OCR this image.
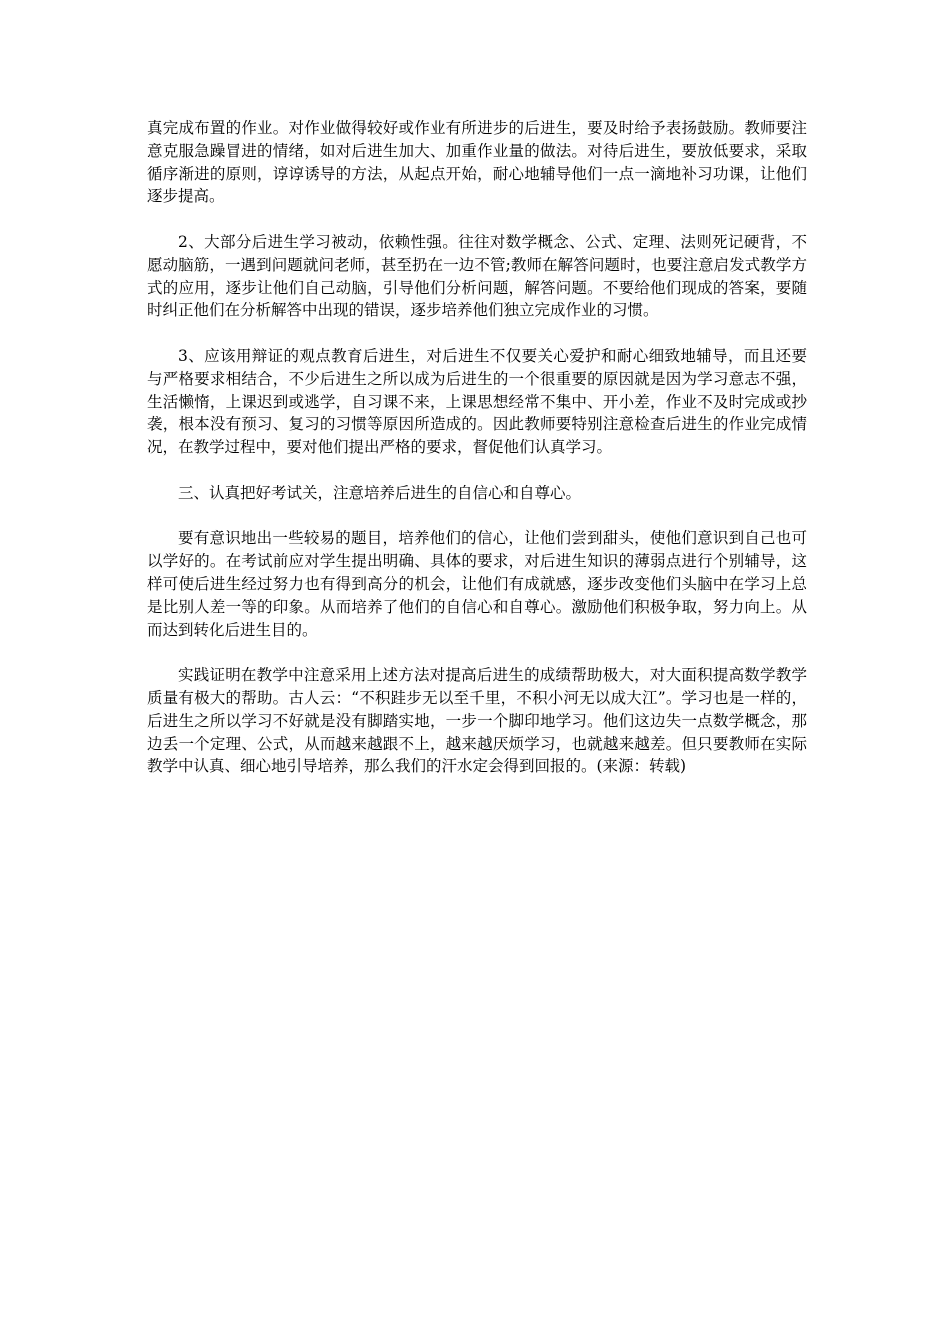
真完成布置的作业。对作业做得较好或作业有所进步的后进生，要及时给予表扬鼓励。教师要注意克服急躁冒进的情绪，如对后进生加大、加重作业量的做法。对待后进生，要放低要求，采取循序渐进的原则，谆谆诱导的方法，从起点开始，耐心地辅导他们一点一滴地补习功课，让他们逐步提高。

2、大部分后进生学习被动，依赖性强。往往对数学概念、公式、定理、法则死记硬背，不愿动脑筋，一遇到问题就问老师，甚至扔在一边不管;教师在解答问题时，也要注意启发式教学方式的应用，逐步让他们自己动脑，引导他们分析问题，解答问题。不要给他们现成的答案，要随时纠正他们在分析解答中出现的错误，逐步培养他们独立完成作业的习惯。

3、应该用辩证的观点教育后进生，对后进生不仅要关心爱护和耐心细致地辅导，而且还要与严格要求相结合，不少后进生之所以成为后进生的一个很重要的原因就是因为学习意志不强，生活懒惰，上课迟到或逃学，自习课不来，上课思想经常不集中、开小差，作业不及时完成或抄袭，根本没有预习、复习的习惯等原因所造成的。因此教师要特别注意检查后进生的作业完成情况，在教学过程中，要对他们提出严格的要求，督促他们认真学习。

三、认真把好考试关，注意培养后进生的自信心和自尊心。

要有意识地出一些较易的题目，培养他们的信心，让他们尝到甜头，使他们意识到自己也可以学好的。在考试前应对学生提出明确、具体的要求，对后进生知识的薄弱点进行个别辅导，这样可使后进生经过努力也有得到高分的机会，让他们有成就感，逐步改变他们头脑中在学习上总是比别人差一等的印象。从而培养了他们的自信心和自尊心。激励他们积极争取，努力向上。从而达到转化后进生目的。

实践证明在教学中注意采用上述方法对提高后进生的成绩帮助极大，对大面积提高数学教学质量有极大的帮助。古人云：“不积跬步无以至千里，不积小河无以成大江”。学习也是一样的，后进生之所以学习不好就是没有脚踏实地，一步一个脚印地学习。他们这边失一点数学概念，那边丢一个定理、公式，从而越来越跟不上，越来越厌烦学习，也就越来越差。但只要教师在实际教学中认真、细心地引导培养，那么我们的汗水定会得到回报的。(来源：转载)
